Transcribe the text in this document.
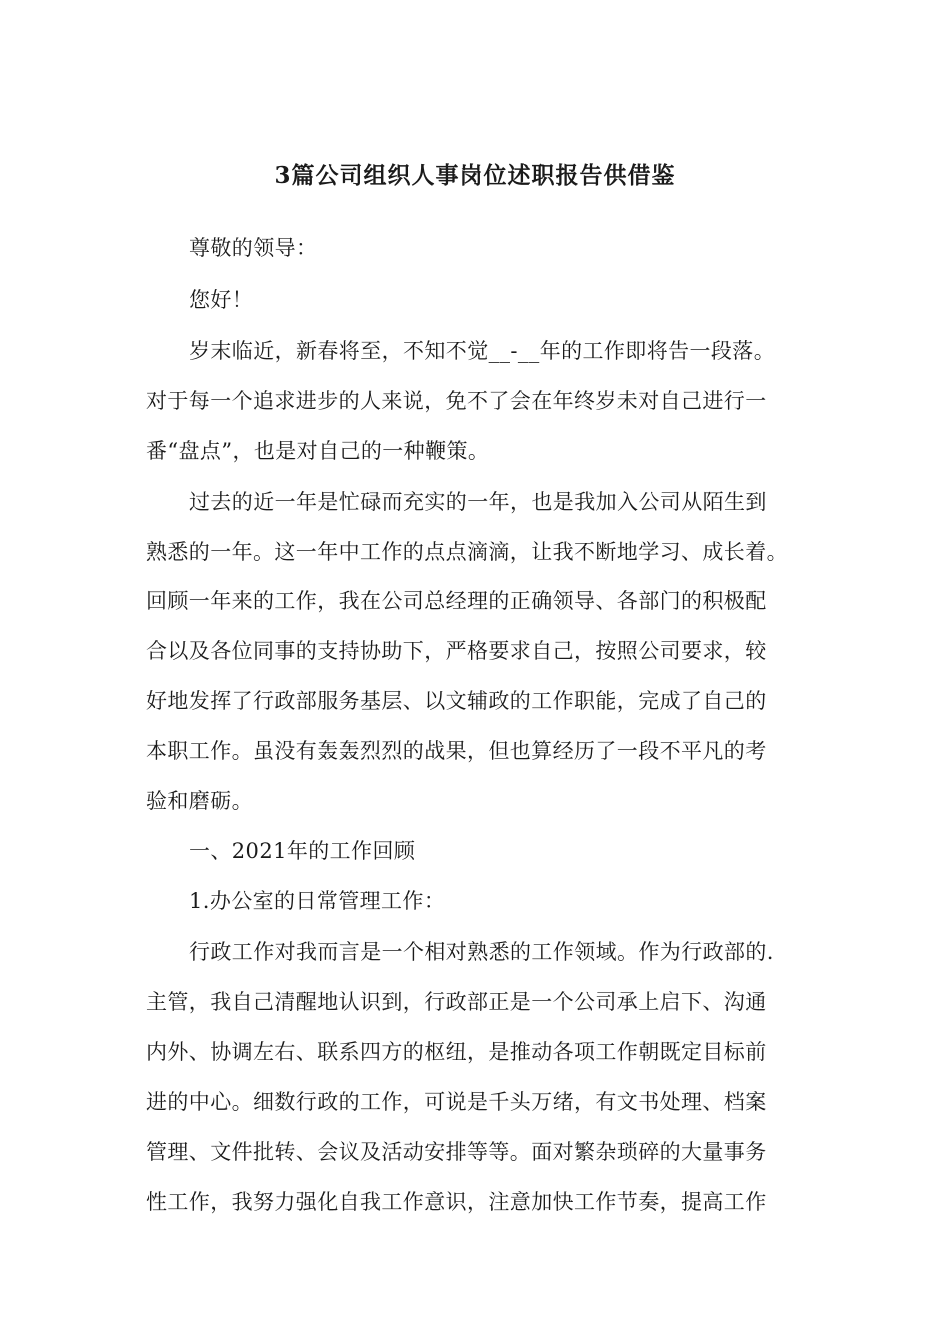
3篇公司组织人事岗位述职报告供借鉴
尊敬的领导：
您好！
岁末临近，新春将至，不知不觉__-__年的工作即将告一段落。
对于每一个追求进步的人来说，免不了会在年终岁未对自己进行一
番“盘点”，也是对自己的一种鞭策。
过去的近一年是忙碌而充实的一年，也是我加入公司从陌生到
熟悉的一年。这一年中工作的点点滴滴，让我不断地学习、成长着。
回顾一年来的工作，我在公司总经理的正确领导、各部门的积极配
合以及各位同事的支持协助下，严格要求自己，按照公司要求，较
好地发挥了行政部服务基层、以文辅政的工作职能，完成了自己的
本职工作。虽没有轰轰烈烈的战果，但也算经历了一段不平凡的考
验和磨砺。
一、2021年的工作回顾
1.办公室的日常管理工作：
行政工作对我而言是一个相对熟悉的工作领域。作为行政部的.
主管，我自己清醒地认识到，行政部正是一个公司承上启下、沟通
内外、协调左右、联系四方的枢纽，是推动各项工作朝既定目标前
进的中心。细数行政的工作，可说是千头万绪，有文书处理、档案
管理、文件批转、会议及活动安排等等。面对繁杂琐碎的大量事务
性工作，我努力强化自我工作意识，注意加快工作节奏，提高工作
